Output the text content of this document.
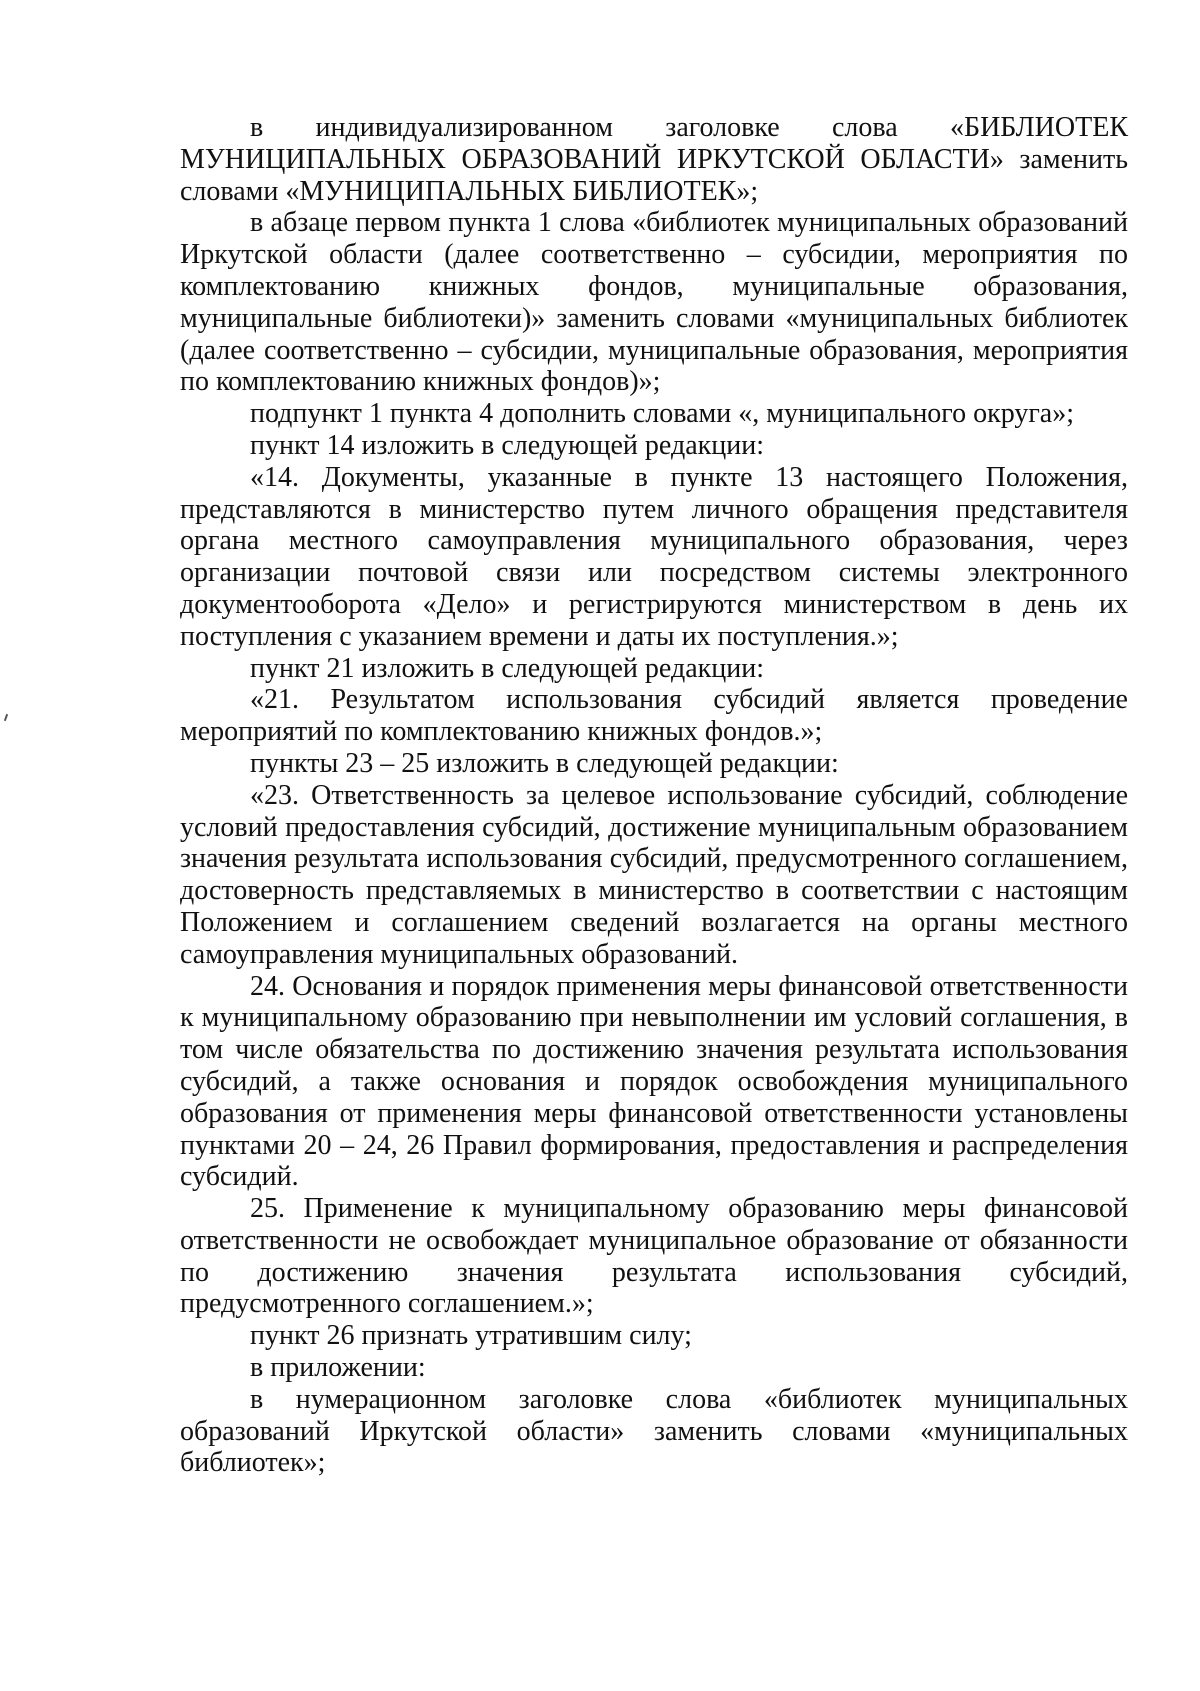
в индивидуализированном заголовке слова «БИБЛИОТЕК МУНИЦИПАЛЬНЫХ ОБРАЗОВАНИЙ ИРКУТСКОЙ ОБЛАСТИ» заменить словами «МУНИЦИПАЛЬНЫХ БИБЛИОТЕК»;

в абзаце первом пункта 1 слова «библиотек муниципальных образований Иркутской области (далее соответственно – субсидии, мероприятия по комплектованию книжных фондов, муниципальные образования, муниципальные библиотеки)» заменить словами «муниципальных библиотек (далее соответственно – субсидии, муниципальные образования, мероприятия по комплектованию книжных фондов)»;

подпункт 1 пункта 4 дополнить словами «, муниципального округа»;

пункт 14 изложить в следующей редакции:

«14. Документы, указанные в пункте 13 настоящего Положения, представляются в министерство путем личного обращения представителя органа местного самоуправления муниципального образования, через организации почтовой связи или посредством системы электронного документооборота «Дело» и регистрируются министерством в день их поступления с указанием времени и даты их поступления.»;

пункт 21 изложить в следующей редакции:

«21. Результатом использования субсидий является проведение мероприятий по комплектованию книжных фондов.»;

пункты 23 – 25 изложить в следующей редакции:

«23. Ответственность за целевое использование субсидий, соблюдение условий предоставления субсидий, достижение муниципальным образованием значения результата использования субсидий, предусмотренного соглашением, достоверность представляемых в министерство в соответствии с настоящим Положением и соглашением сведений возлагается на органы местного самоуправления муниципальных образований.

24. Основания и порядок применения меры финансовой ответственности к муниципальному образованию при невыполнении им условий соглашения, в том числе обязательства по достижению значения результата использования субсидий, а также основания и порядок освобождения муниципального образования от применения меры финансовой ответственности установлены пунктами 20 – 24, 26 Правил формирования, предоставления и распределения субсидий.

25. Применение к муниципальному образованию меры финансовой ответственности не освобождает муниципальное образование от обязанности по достижению значения результата использования субсидий, предусмотренного соглашением.»;

пункт 26 признать утратившим силу;

в приложении:

в нумерационном заголовке слова «библиотек муниципальных образований Иркутской области» заменить словами «муниципальных библиотек»;
